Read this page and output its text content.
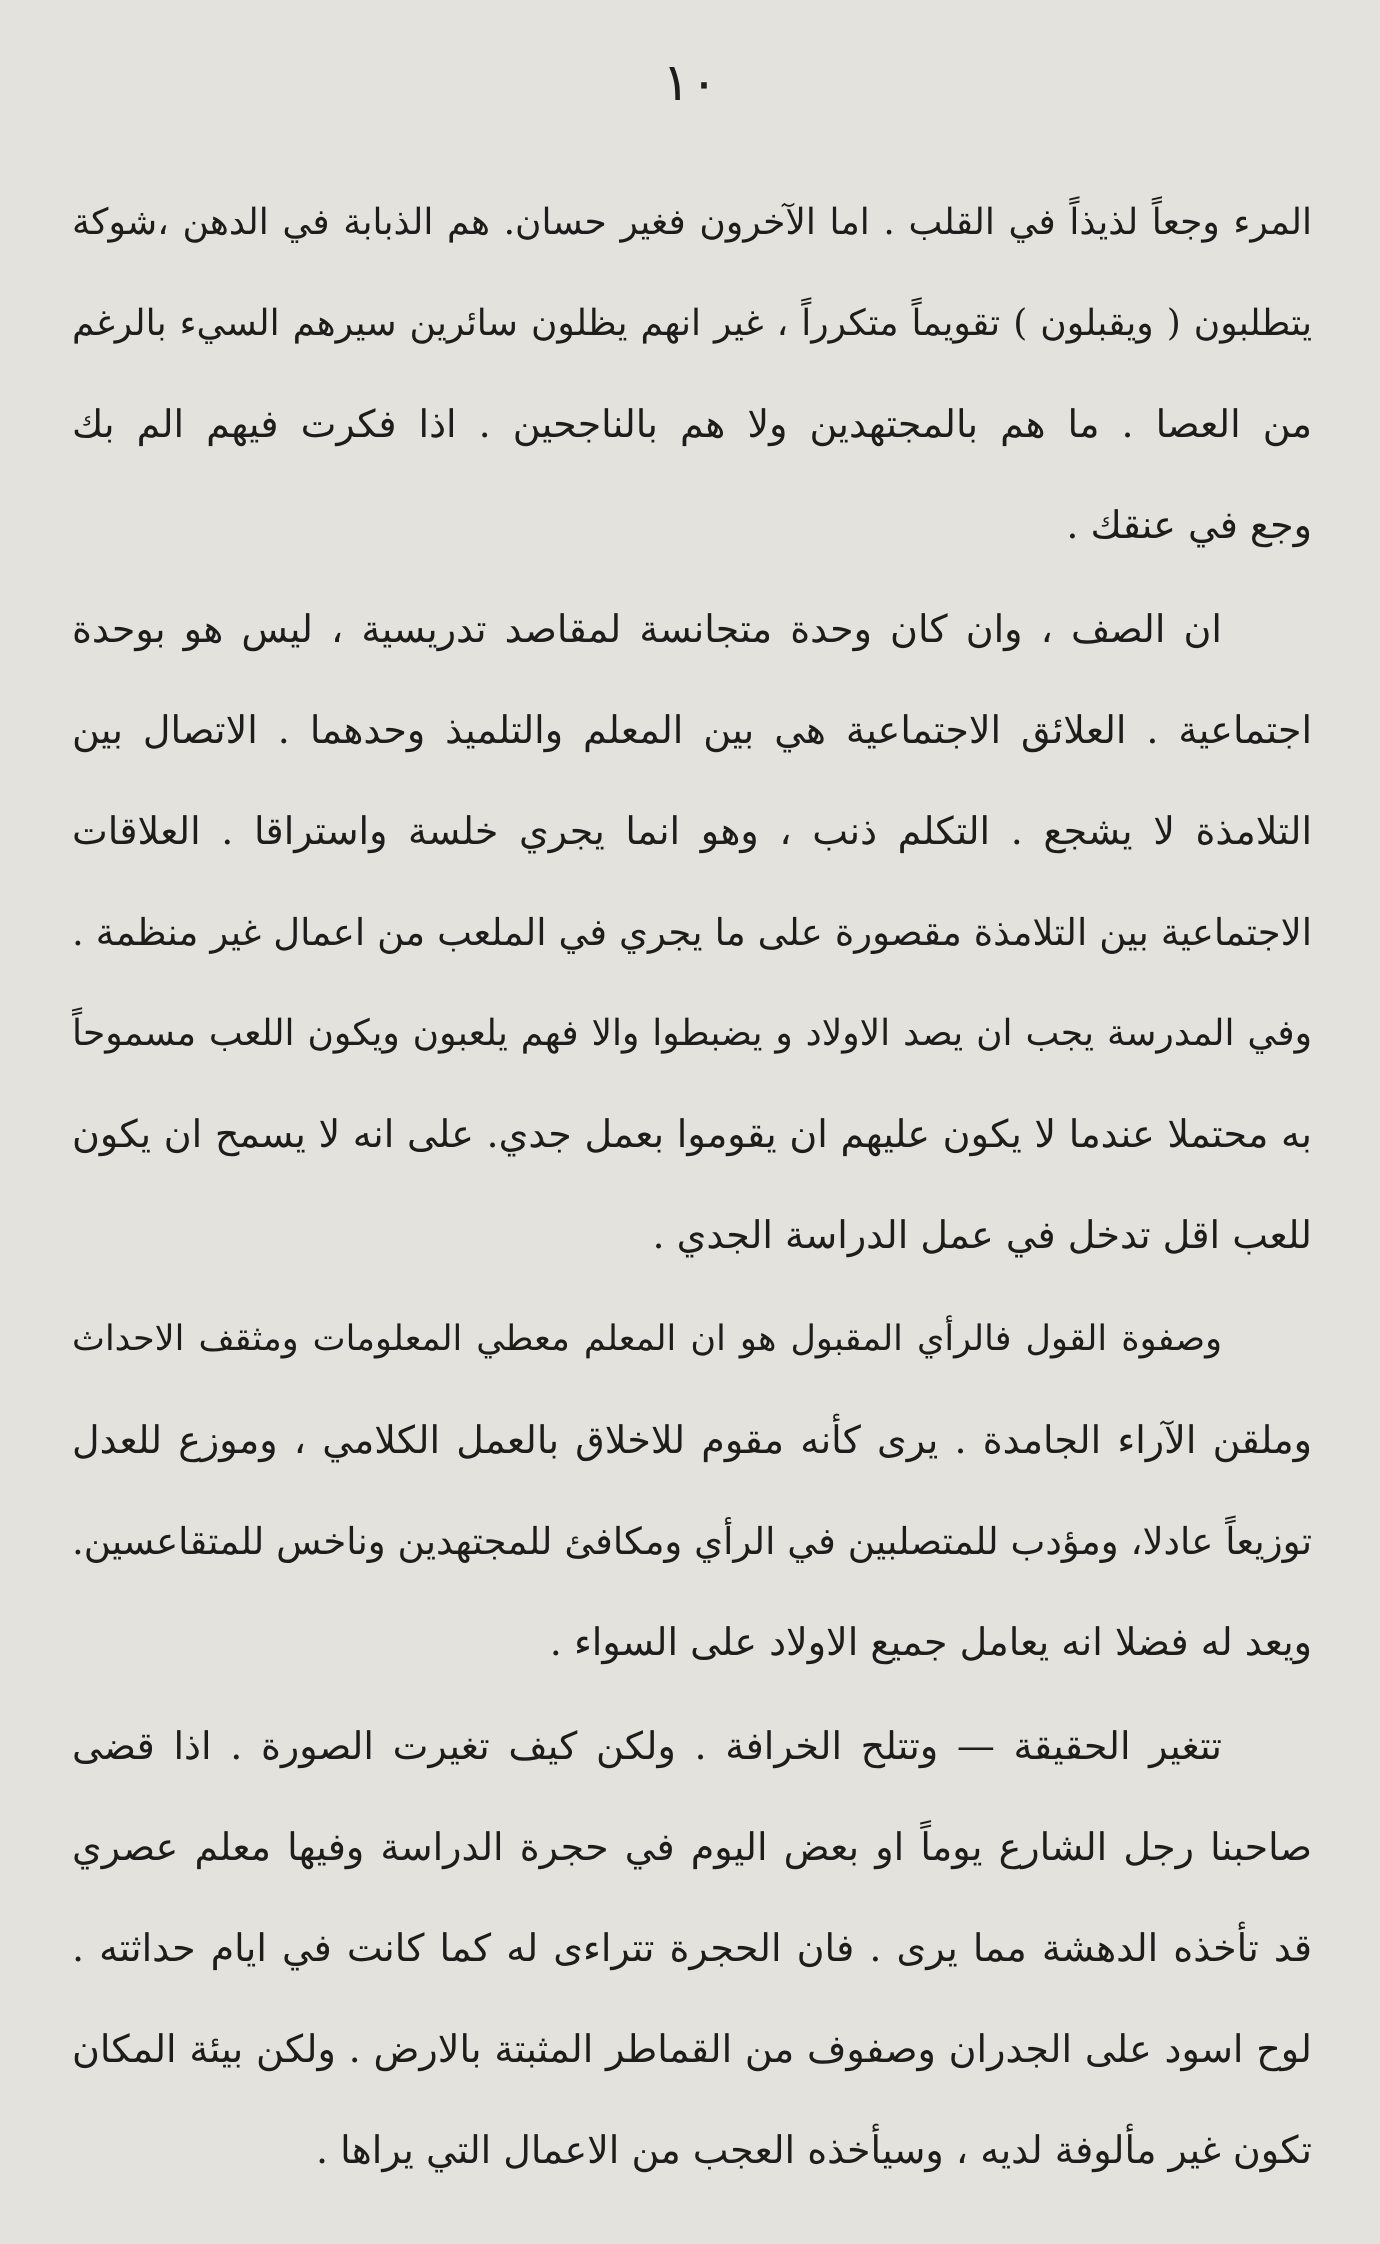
١٠
المرء وجعاً لذيذاً في القلب . اما الآخرون فغير حسان. هم الذبابة في الدهن ،شوكة
يتطلبون ( ويقبلون ) تقويماً متكرراً ، غير انهم يظلون سائرين سيرهم السيء بالرغم
من العصا . ما هم بالمجتهدين ولا هم بالناجحين . اذا فكرت فيهم الم بك
وجع في عنقك .
ان الصف ، وان كان وحدة متجانسة لمقاصد تدريسية ، ليس هو بوحدة
اجتماعية . العلائق الاجتماعية هي بين المعلم والتلميذ وحدهما . الاتصال بين
التلامذة لا يشجع . التكلم ذنب ، وهو انما يجري خلسة واستراقا . العلاقات
الاجتماعية بين التلامذة مقصورة على ما يجري في الملعب من اعمال غير منظمة .
وفي المدرسة يجب ان يصد الاولاد و يضبطوا والا فهم يلعبون ويكون اللعب مسموحاً
به محتملا عندما لا يكون عليهم ان يقوموا بعمل جدي. على انه لا يسمح ان يكون
للعب اقل تدخل في عمل الدراسة الجدي .
وصفوة القول فالرأي المقبول هو ان المعلم معطي المعلومات ومثقف الاحداث
وملقن الآراء الجامدة . يرى كأنه مقوم للاخلاق بالعمل الكلامي ، وموزع للعدل
توزيعاً عادلا، ومؤدب للمتصلبين في الرأي ومكافئ للمجتهدين وناخس للمتقاعسين.
ويعد له فضلا انه يعامل جميع الاولاد على السواء .
تتغير الحقيقة — وتتلح الخرافة . ولكن كيف تغيرت الصورة . اذا قضى
صاحبنا رجل الشارع يوماً او بعض اليوم في حجرة الدراسة وفيها معلم عصري
قد تأخذه الدهشة مما يرى . فان الحجرة تتراءى له كما كانت في ايام حداثته .
لوح اسود على الجدران وصفوف من القماطر المثبتة بالارض . ولكن بيئة المكان
تكون غير مألوفة لديه ، وسيأخذه العجب من الاعمال التي يراها .
